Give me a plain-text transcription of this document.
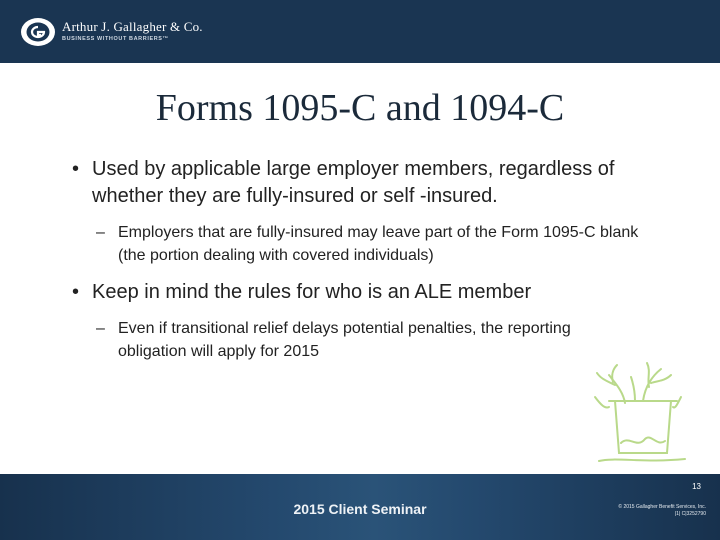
Arthur J. Gallagher & Co.
BUSINESS WITHOUT BARRIERS™
Forms 1095-C and 1094-C
• Used by applicable large employer members, regardless of whether they are fully-insured or self -insured.
– Employers that are fully-insured may leave part of the Form 1095-C blank (the portion dealing with covered individuals)
• Keep in mind the rules for who is an ALE member
– Even if transitional relief delays potential penalties, the reporting obligation will apply for 2015
13
2015 Client Seminar	© 2015 Gallagher Benefit Services, Inc.
|1| C|3252790
